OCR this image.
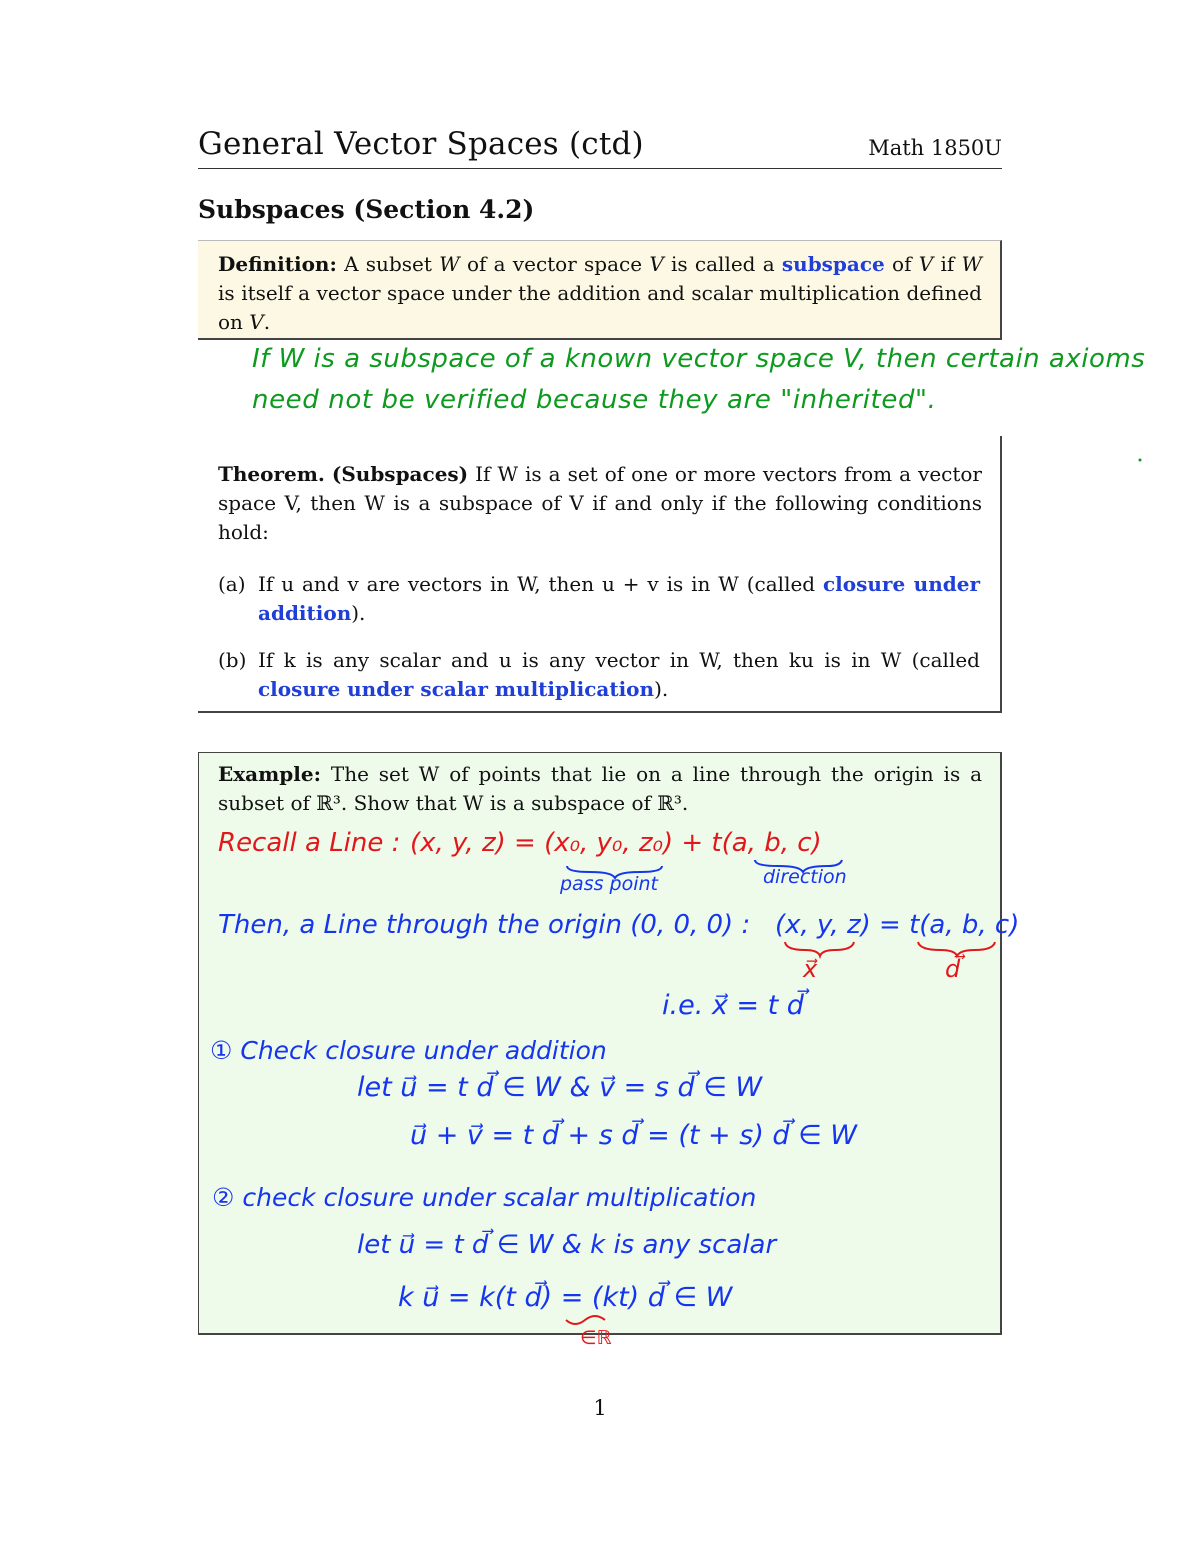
General Vector Spaces (ctd)	Math 1850U
Subspaces (Section 4.2)
Definition: A subset W of a vector space V is called a subspace of V if W is itself a vector space under the addition and scalar multiplication defined on V.
If W is a subspace of a known vector space V, then certain axioms
need not be verified because they are "inherited".
Theorem. (Subspaces) If W is a set of one or more vectors from a vector space V, then W is a subspace of V if and only if the following conditions hold:
(a) If u and v are vectors in W, then u + v is in W (called closure under addition).
(b) If k is any scalar and u is any vector in W, then ku is in W (called closure under scalar multiplication).
Example: The set W of points that lie on a line through the origin is a subset of ℝ³. Show that W is a subspace of ℝ³.
Recall a Line : (x, y, z) = (x₀, y₀, z₀) + t(a, b, c)
pass point	direction
Then, a Line through the origin (0, 0, 0) : (x, y, z) = t(a, b, c)
x⃗	d⃗
i.e. x⃗ = t d⃗
① Check closure under addition
let u⃗ = t d⃗ ∈ W & v⃗ = s d⃗ ∈ W
u⃗ + v⃗ = t d⃗ + s d⃗ = (t + s) d⃗ ∈ W
② check closure under scalar multiplication
let u⃗ = t d⃗ ∈ W & k is any scalar
k u⃗ = k(t d⃗) = (kt) d⃗ ∈ W
∈ℝ
1
